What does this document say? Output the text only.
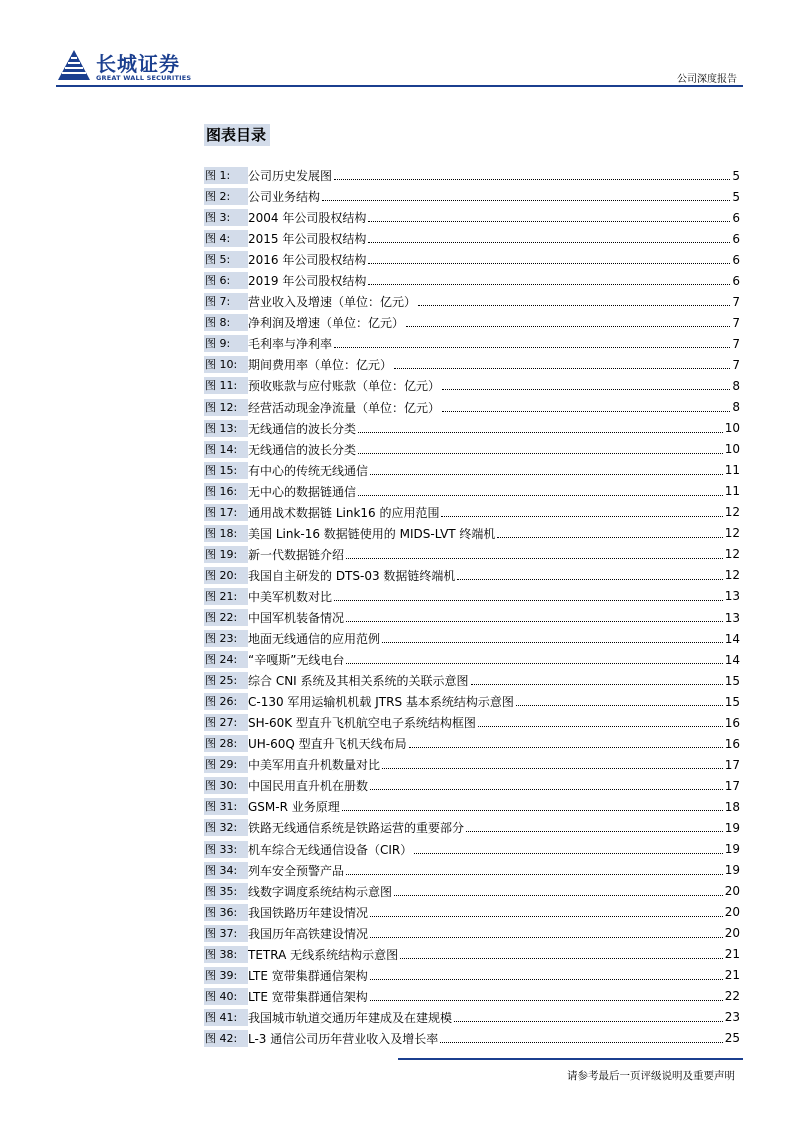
长城证券
GREAT WALL SECURITIES	公司深度报告
图表目录
图 1:	公司历史发展图	5
图 2:	公司业务结构	5
图 3:	2004 年公司股权结构	6
图 4:	2015 年公司股权结构	6
图 5:	2016 年公司股权结构	6
图 6:	2019 年公司股权结构	6
图 7:	营业收入及增速（单位：亿元）	7
图 8:	净利润及增速（单位：亿元）	7
图 9:	毛利率与净利率	7
图 10: 期间费用率（单位：亿元）	7
图 11: 预收账款与应付账款（单位：亿元）	8
图 12: 经营活动现金净流量（单位：亿元）	8
图 13: 无线通信的波长分类	10
图 14: 无线通信的波长分类	10
图 15: 有中心的传统无线通信	11
图 16: 无中心的数据链通信	11
图 17: 通用战术数据链 Link16 的应用范围	12
图 18: 美国 Link-16 数据链使用的 MIDS-LVT 终端机	12
图 19: 新一代数据链介绍	12
图 20: 我国自主研发的 DTS-03 数据链终端机	12
图 21: 中美军机数对比	13
图 22: 中国军机装备情况	13
图 23: 地面无线通信的应用范例	14
图 24: “辛嘎斯”无线电台	14
图 25: 综合 CNI 系统及其相关系统的关联示意图	15
图 26: C-130 军用运输机机载 JTRS 基本系统结构示意图	15
图 27: SH-60K 型直升飞机航空电子系统结构框图	16
图 28: UH-60Q 型直升飞机天线布局	16
图 29: 中美军用直升机数量对比	17
图 30: 中国民用直升机在册数	17
图 31: GSM-R 业务原理	18
图 32: 铁路无线通信系统是铁路运营的重要部分	19
图 33: 机车综合无线通信设备（CIR）	19
图 34: 列车安全预警产品	19
图 35: 线数字调度系统结构示意图	20
图 36: 我国铁路历年建设情况	20
图 37: 我国历年高铁建设情况	20
图 38: TETRA 无线系统结构示意图	21
图 39: LTE 宽带集群通信架构	21
图 40: LTE 宽带集群通信架构	22
图 41: 我国城市轨道交通历年建成及在建规模	23
图 42: L-3 通信公司历年营业收入及增长率	25
请参考最后一页评级说明及重要声明
